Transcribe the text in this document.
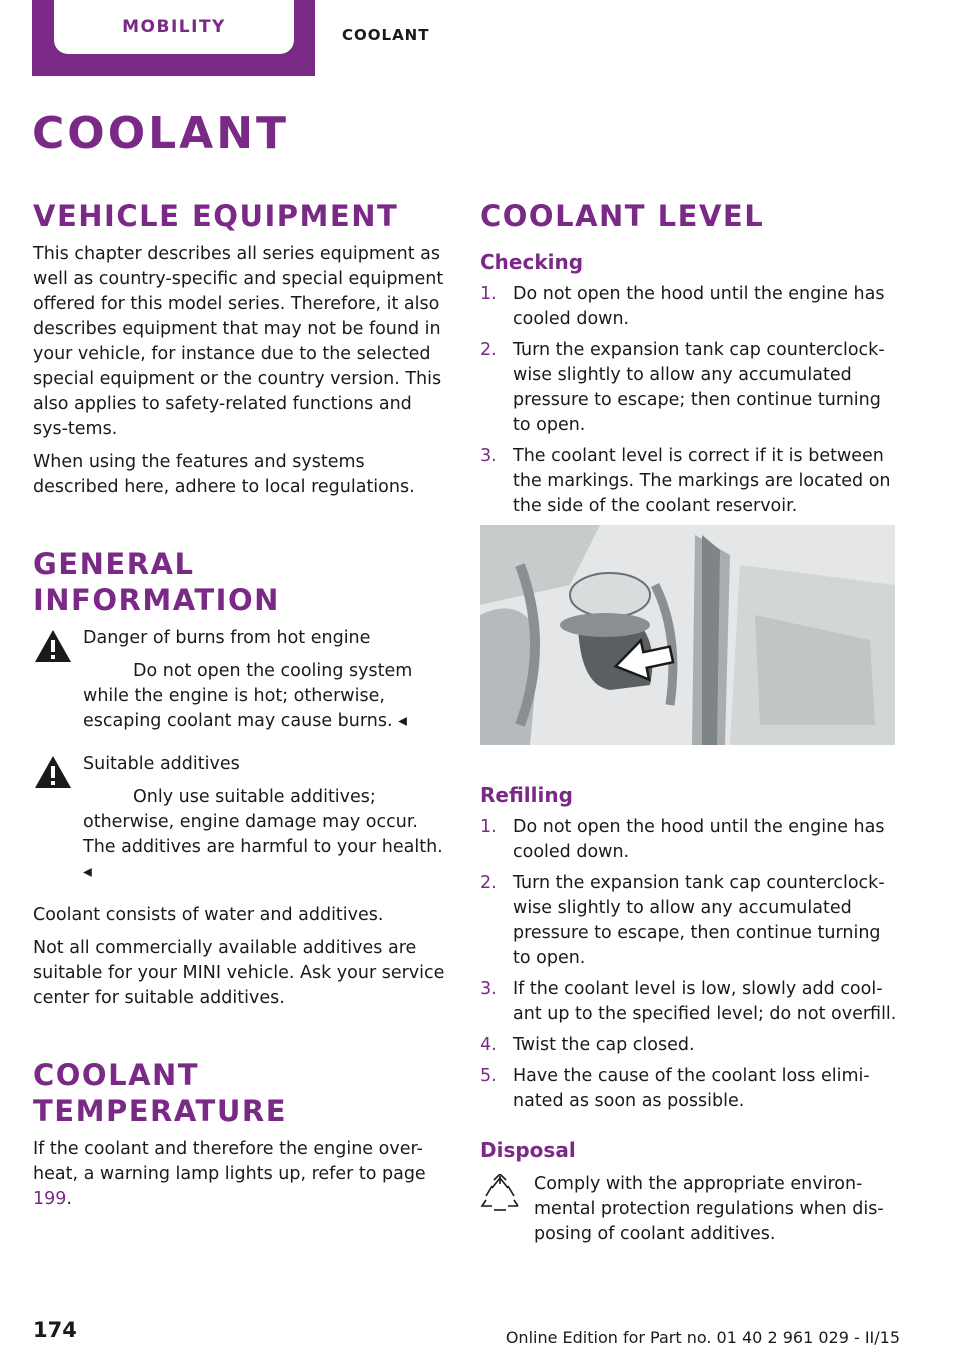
MOBILITY	COOLANT
COOLANT
VEHICLE EQUIPMENT

This chapter describes all series equipment as well as country-specific and special equipment offered for this model series. Therefore, it also describes equipment that may not be found in your vehicle, for instance due to the selected special equipment or the country version. This also applies to safety-related functions and sys-tems.

When using the features and systems described here, adhere to local regulations.

GENERAL INFORMATION
Danger of burns from hot engine

Do not open the cooling system while the engine is hot; otherwise, escaping coolant may cause burns. ◂

Suitable additives

Only use suitable additives; otherwise, engine damage may occur. The additives are harmful to your health. ◂

Coolant consists of water and additives.

Not all commercially available additives are suitable for your MINI vehicle. Ask your service center for suitable additives.

COOLANT TEMPERATURE

If the coolant and therefore the engine over-heat, a warning lamp lights up, refer to page 199.

COOLANT LEVEL
Checking
1. Do not open the hood until the engine has cooled down.
2. Turn the expansion tank cap counterclock-wise slightly to allow any accumulated pressure to escape; then continue turning to open.
3. The coolant level is correct if it is between the markings. The markings are located on the side of the coolant reservoir.
Refilling
1. Do not open the hood until the engine has cooled down.
2. Turn the expansion tank cap counterclock-wise slightly to allow any accumulated pressure to escape, then continue turning to open.
3. If the coolant level is low, slowly add cool-ant up to the specified level; do not overfill.
4. Twist the cap closed.
5. Have the cause of the coolant loss elimi-nated as soon as possible.
Disposal

Comply with the appropriate environ-mental protection regulations when dis-posing of coolant additives.

174	Online Edition for Part no. 01 40 2 961 029 - II/15
